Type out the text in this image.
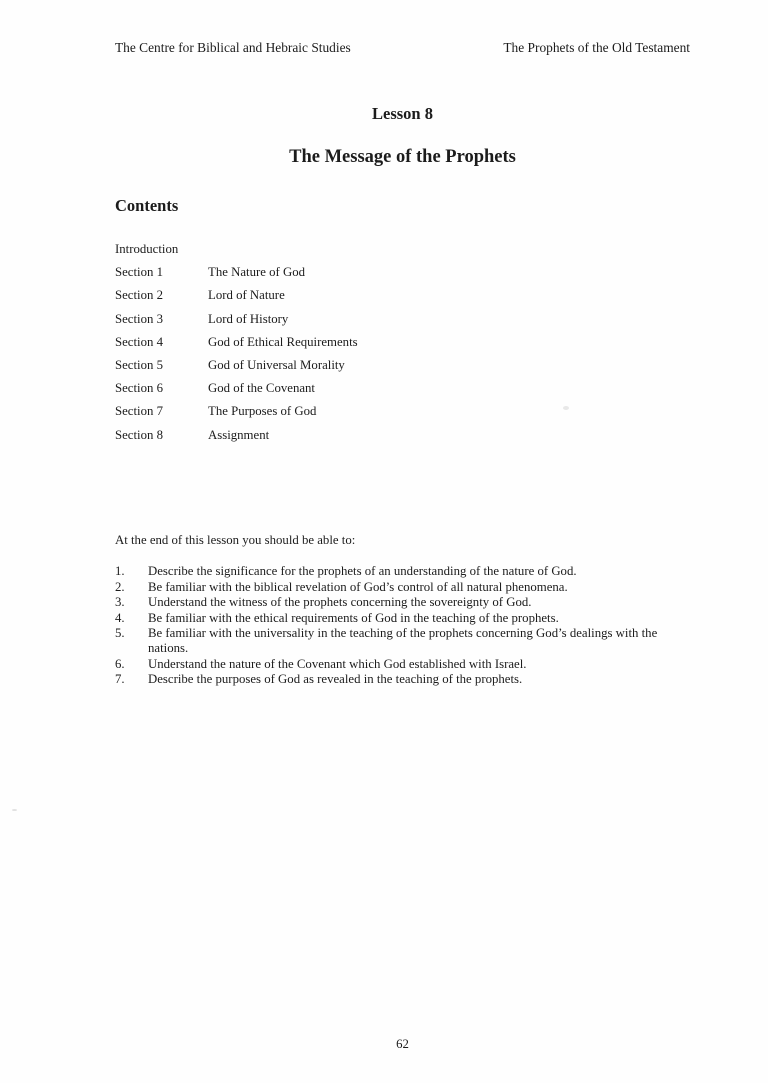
The Centre for Biblical and Hebraic Studies	The Prophets of the Old Testament
Lesson 8
The Message of the Prophets
Contents
Introduction
Section 1	The Nature of God
Section 2	Lord of Nature
Section 3	Lord of History
Section 4	God of Ethical Requirements
Section 5	God of Universal Morality
Section 6	God of the Covenant
Section 7	The Purposes of God
Section 8	Assignment
At the end of this lesson you should be able to:
1.	Describe the significance for the prophets of an understanding of the nature of God.
2.	Be familiar with the biblical revelation of God’s control of all natural phenomena.
3.	Understand the witness of the prophets concerning the sovereignty of God.
4.	Be familiar with the ethical requirements of God in the teaching of the prophets.
5.	Be familiar with the universality in the teaching of the prophets concerning God’s dealings with the nations.
6.	Understand the nature of the Covenant which God established with Israel.
7.	Describe the purposes of God as revealed in the teaching of the prophets.
62
